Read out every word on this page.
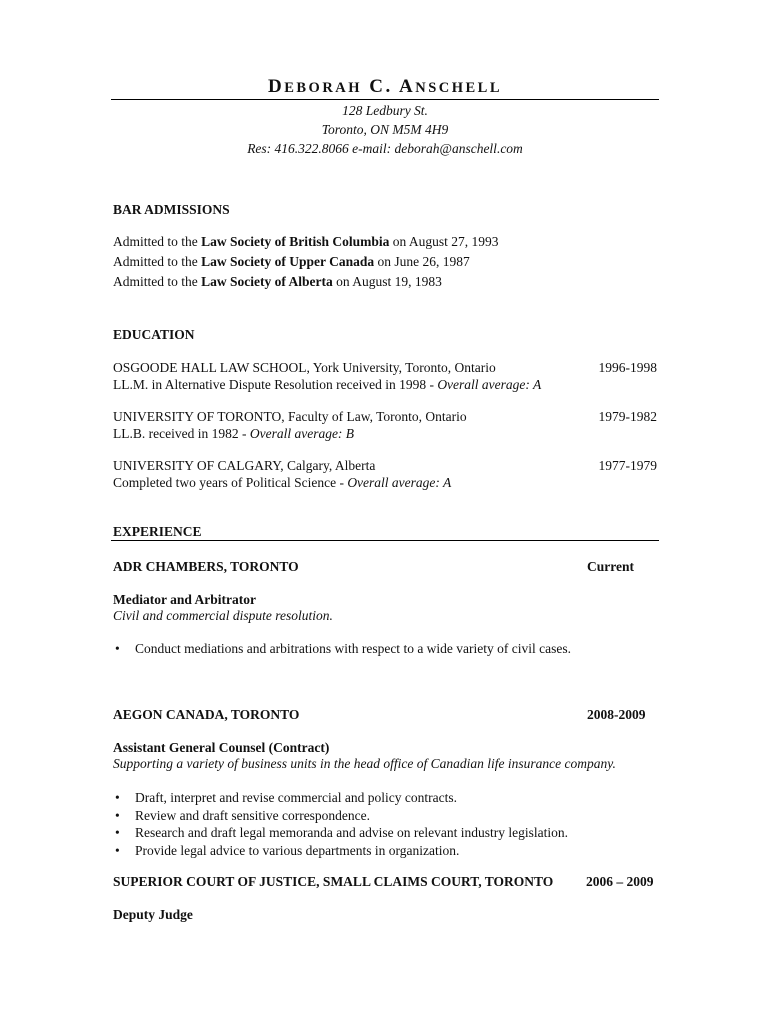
DEBORAH C. ANSCHELL
128 Ledbury St.
Toronto, ON M5M 4H9
Res: 416.322.8066 e-mail: deborah@anschell.com
BAR ADMISSIONS
Admitted to the Law Society of British Columbia on August 27, 1993
Admitted to the Law Society of Upper Canada on June 26, 1987
Admitted to the Law Society of Alberta on August 19, 1983
EDUCATION
OSGOODE HALL LAW SCHOOL, York University, Toronto, Ontario	1996-1998
LL.M. in Alternative Dispute Resolution received in 1998 - Overall average: A
UNIVERSITY OF TORONTO, Faculty of Law, Toronto, Ontario	1979-1982
LL.B. received in 1982 - Overall average: B
UNIVERSITY OF CALGARY, Calgary, Alberta	1977-1979
Completed two years of Political Science - Overall average: A
EXPERIENCE
ADR CHAMBERS, TORONTO	Current
Mediator and Arbitrator
Civil and commercial dispute resolution.
• Conduct mediations and arbitrations with respect to a wide variety of civil cases.
AEGON CANADA, TORONTO	2008-2009
Assistant General Counsel (Contract)
Supporting a variety of business units in the head office of Canadian life insurance company.
• Draft, interpret and revise commercial and policy contracts.
• Review and draft sensitive correspondence.
• Research and draft legal memoranda and advise on relevant industry legislation.
• Provide legal advice to various departments in organization.
SUPERIOR COURT OF JUSTICE, SMALL CLAIMS COURT, TORONTO 2006 – 2009
Deputy Judge
